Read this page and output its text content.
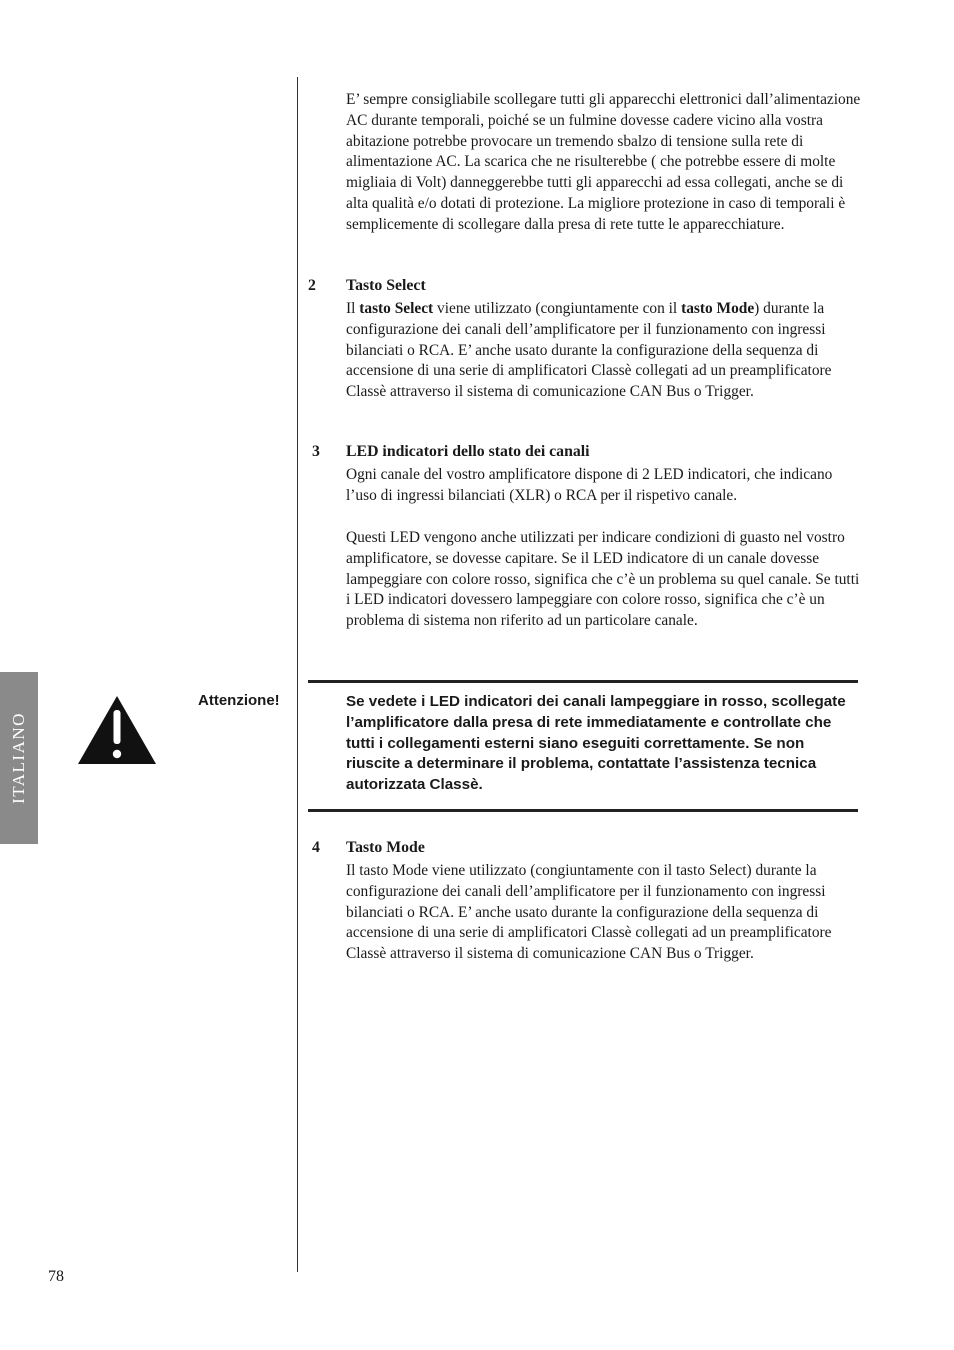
ITALIANO

E’ sempre consigliabile scollegare tutti gli apparecchi elettronici dall’alimentazione AC durante temporali, poiché se un fulmine dovesse cadere vicino alla vostra abitazione potrebbe provocare un tremendo sbalzo di tensione sulla rete di alimentazione AC. La scarica che ne risulterebbe ( che potrebbe essere di molte migliaia di Volt) danneggerebbe tutti gli apparecchi ad essa collegati, anche se di alta qualità e/o dotati di protezione. La migliore protezione in caso di temporali è semplicemente di scollegare dalla presa di rete tutte le apparecchiature.

2 Tasto Select

Il tasto Select viene utilizzato (congiuntamente con il tasto Mode) durante la configurazione dei canali dell’amplificatore per il funzionamento con ingressi bilanciati o RCA. E’ anche usato durante la configurazione della sequenza di accensione di una serie di amplificatori Classè collegati ad un preamplificatore Classè attraverso il sistema di comunicazione CAN Bus o Trigger.

3 LED indicatori dello stato dei canali

Ogni canale del vostro amplificatore dispone di 2 LED indicatori, che indicano l’uso di ingressi bilanciati (XLR) o RCA per il rispetivo canale.

Questi LED vengono anche utilizzati per indicare condizioni di guasto nel vostro amplificatore, se dovesse capitare. Se il LED indicatore di un canale dovesse lampeggiare con colore rosso, significa che c’è un problema su quel canale. Se tutti i LED indicatori dovessero lampeggiare con colore rosso, significa che c’è un problema di sistema non riferito ad un particolare canale.

Attenzione!	Se vedete i LED indicatori dei canali lampeggiare in rosso, scollegate l’amplificatore dalla presa di rete immediatamente e controllate che tutti i collegamenti esterni siano eseguiti correttamente. Se non riuscite a determinare il problema, contattate l’assistenza tecnica autorizzata Classè.

4 Tasto Mode

Il tasto Mode viene utilizzato (congiuntamente con il tasto Select) durante la configurazione dei canali dell’amplificatore per il funzionamento con ingressi bilanciati o RCA. E’ anche usato durante la configurazione della sequenza di accensione di una serie di amplificatori Classè collegati ad un preamplificatore Classè attraverso il sistema di comunicazione CAN Bus o Trigger.

78
